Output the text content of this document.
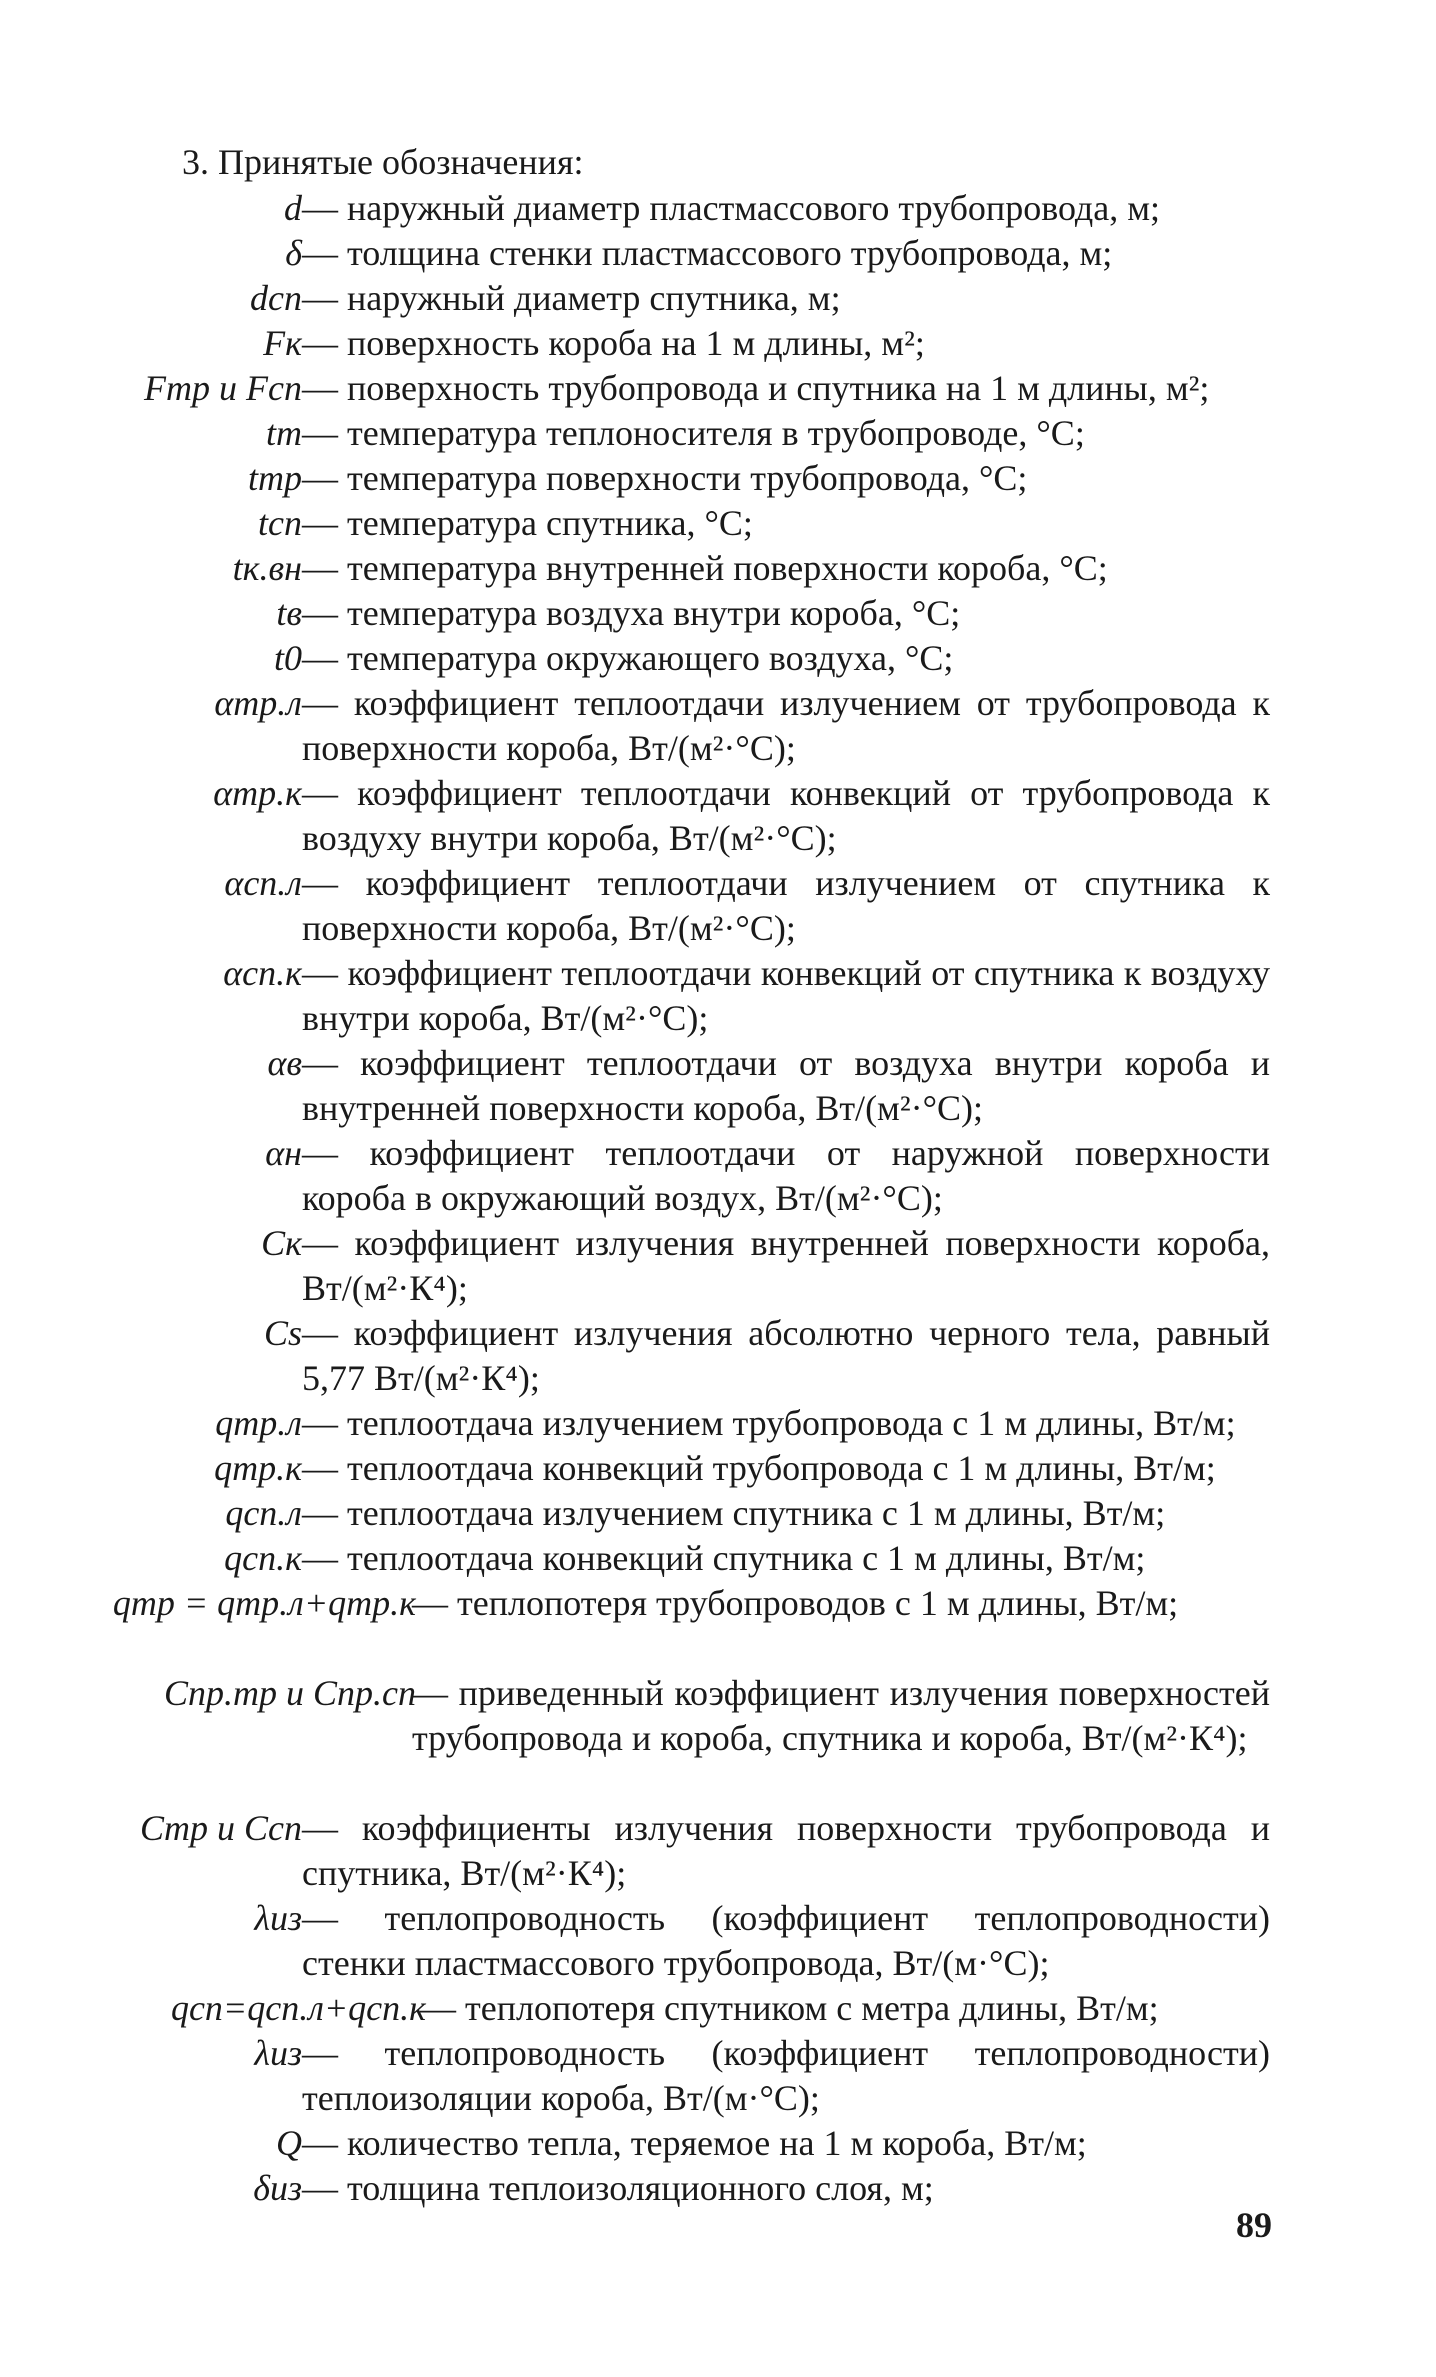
3. Принятые обозначения:
d — наружный диаметр пластмассового трубопровода, м;
δ — толщина стенки пластмассового трубопровода, м;
dсп — наружный диаметр спутника, м;
Fк — поверхность короба на 1 м длины, м²;
Fтр и Fсп — поверхность трубопровода и спутника на 1 м длины, м²;
tт — температура теплоносителя в трубопроводе, °С;
tтр — температура поверхности трубопровода, °С;
tсп — температура спутника, °С;
tк.вн — температура внутренней поверхности короба, °С;
tв — температура воздуха внутри короба, °С;
t0 — температура окружающего воздуха, °С;
αтр.л — коэффициент теплоотдачи излучением от трубопровода к поверхности короба, Вт/(м²·°С);
αтр.к — коэффициент теплоотдачи конвекций от трубопровода к воздуху внутри короба, Вт/(м²·°С);
αсп.л — коэффициент теплоотдачи излучением от спутника к поверхности короба, Вт/(м²·°С);
αсп.к — коэффициент теплоотдачи конвекций от спутника к воздуху внутри короба, Вт/(м²·°С);
αв — коэффициент теплоотдачи от воздуха внутри короба и внутренней поверхности короба, Вт/(м²·°С);
αн — коэффициент теплоотдачи от наружной поверхности короба в окружающий воздух, Вт/(м²·°С);
Cк — коэффициент излучения внутренней поверхности короба, Вт/(м²·К⁴);
Cs — коэффициент излучения абсолютно черного тела, равный 5,77 Вт/(м²·К⁴);
qтр.л — теплоотдача излучением трубопровода с 1 м длины, Вт/м;
qтр.к — теплоотдача конвекций трубопровода с 1 м длины, Вт/м;
qсп.л — теплоотдача излучением спутника с 1 м длины, Вт/м;
qсп.к — теплоотдача конвекций спутника с 1 м длины, Вт/м;
qтр = qтр.л+qтр.к
— теплопотеря трубопроводов с 1 м длины, Вт/м;
Cпр.тр и Cпр.сп
— приведенный коэффициент излучения поверхностей трубопровода и короба, спутника и короба, Вт/(м²·К⁴);
Cтр и Cсп — коэффициенты излучения поверхности трубопровода и спутника, Вт/(м²·К⁴);
λиз — теплопроводность (коэффициент теплопроводности) стенки пластмассового трубопровода, Вт/(м·°С);
qсп=qсп.л+qсп.к
— теплопотеря спутником с метра длины, Вт/м;
λиз — теплопроводность (коэффициент теплопроводности) теплоизоляции короба, Вт/(м·°С);
Q — количество тепла, теряемое на 1 м короба, Вт/м;
δиз — толщина теплоизоляционного слоя, м;
89
